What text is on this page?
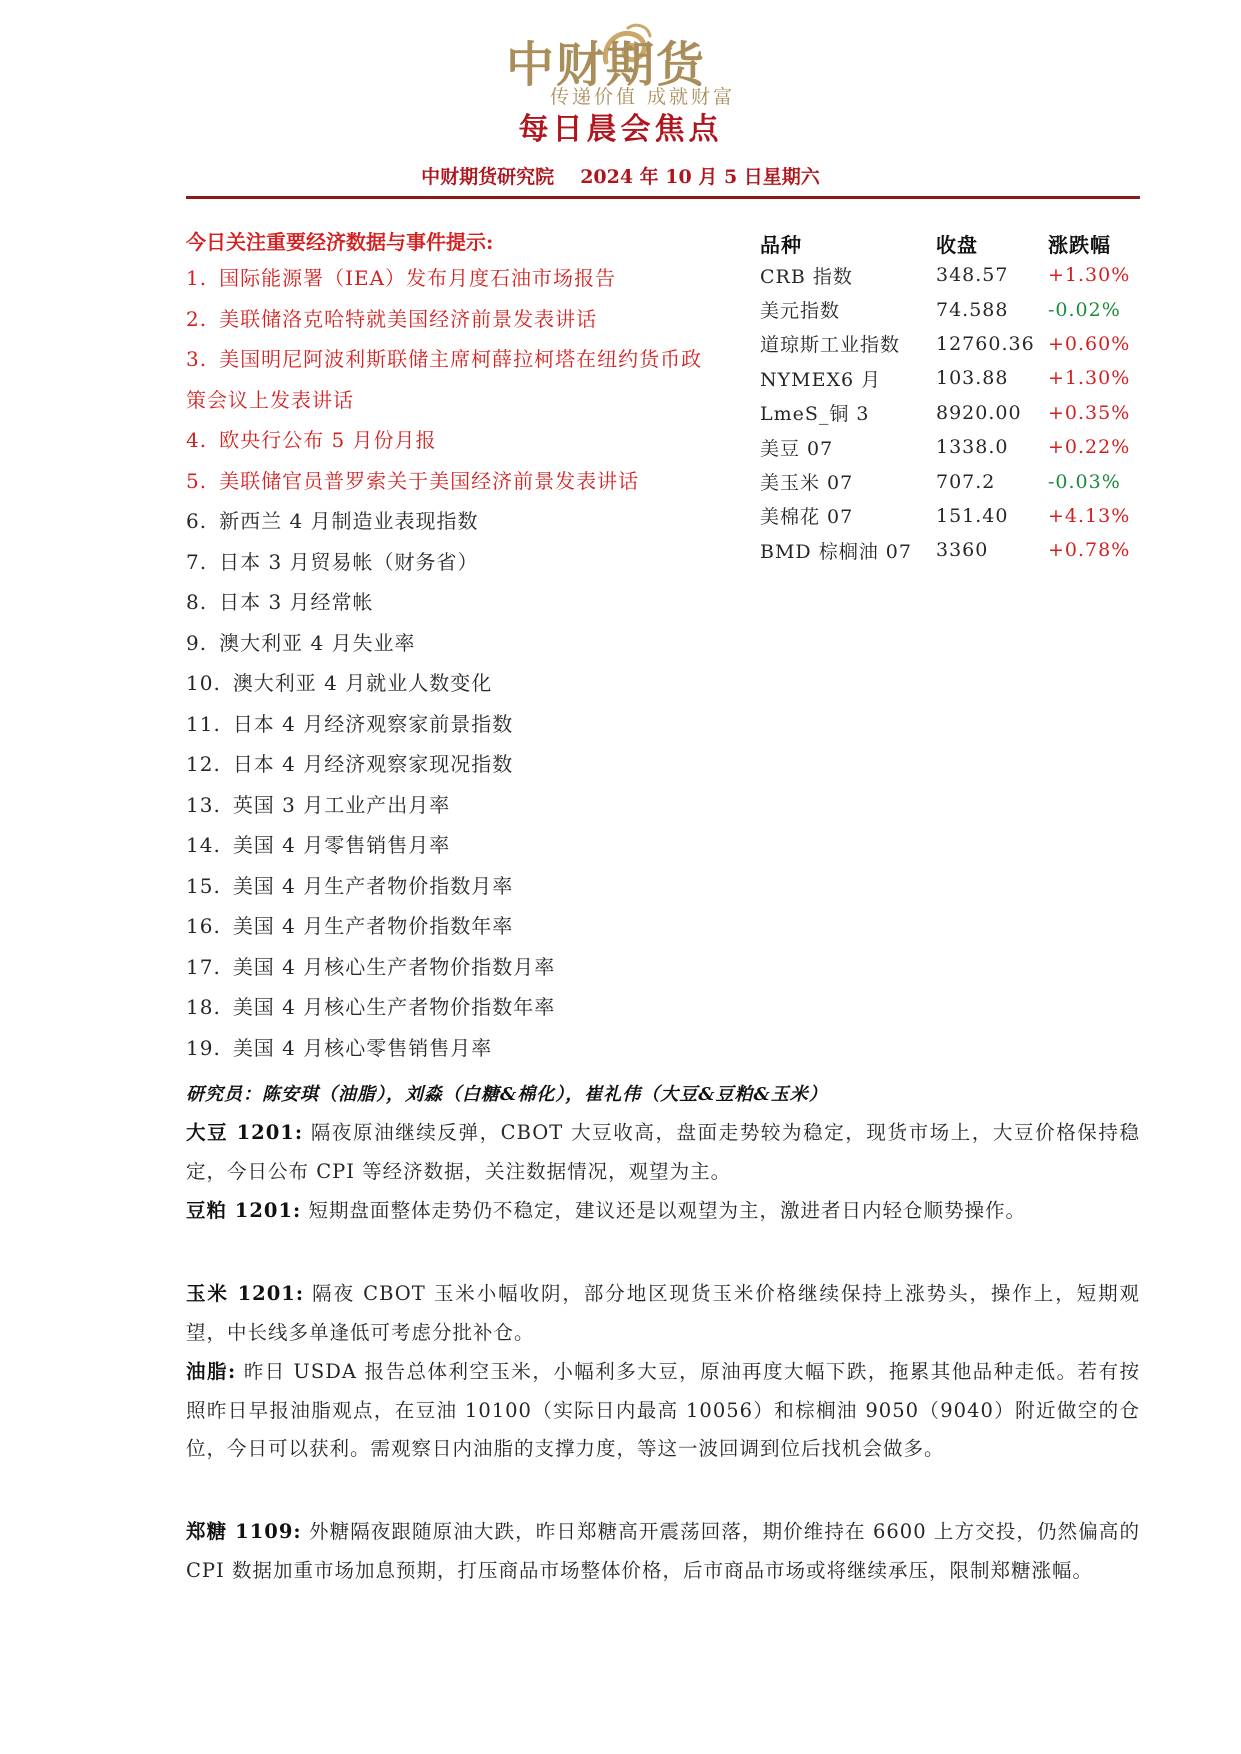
中财期货
传递价值 成就财富
每日晨会焦点
中财期货研究院 2024 年 10 月 5 日星期六
今日关注重要经济数据与事件提示:
1. 国际能源署（IEA）发布月度石油市场报告
2. 美联储洛克哈特就美国经济前景发表讲话
3. 美国明尼阿波利斯联储主席柯薛拉柯塔在纽约货币政
策会议上发表讲话
4. 欧央行公布 5 月份月报
5. 美联储官员普罗索关于美国经济前景发表讲话
6. 新西兰 4 月制造业表现指数
7. 日本 3 月贸易帐（财务省）
8. 日本 3 月经常帐
9. 澳大利亚 4 月失业率
10. 澳大利亚 4 月就业人数变化
11. 日本 4 月经济观察家前景指数
12. 日本 4 月经济观察家现况指数
13. 英国 3 月工业产出月率
14. 美国 4 月零售销售月率
15. 美国 4 月生产者物价指数月率
16. 美国 4 月生产者物价指数年率
17. 美国 4 月核心生产者物价指数月率
18. 美国 4 月核心生产者物价指数年率
19. 美国 4 月核心零售销售月率
品种	收盘	涨跌幅
CRB 指数	348.57	+1.30%
美元指数	74.588	-0.02%
道琼斯工业指数	12760.36	+0.60%
NYMEX6 月	103.88	+1.30%
LmeS_铜 3	8920.00	+0.35%
美豆 07	1338.0	+0.22%
美玉米 07	707.2	-0.03%
美棉花 07	151.40	+4.13%
BMD 棕榈油 07	3360	+0.78%
研究员：陈安琪（油脂），刘淼（白糖&棉化），崔礼伟（大豆&豆粕&玉米）

大豆 1201: 隔夜原油继续反弹，CBOT 大豆收高，盘面走势较为稳定，现货市场上，大豆价格保持稳定，今日公布 CPI 等经济数据，关注数据情况，观望为主。

豆粕 1201: 短期盘面整体走势仍不稳定，建议还是以观望为主，激进者日内轻仓顺势操作。

玉米 1201: 隔夜 CBOT 玉米小幅收阴，部分地区现货玉米价格继续保持上涨势头，操作上，短期观望，中长线多单逢低可考虑分批补仓。

油脂: 昨日 USDA 报告总体利空玉米，小幅利多大豆，原油再度大幅下跌，拖累其他品种走低。若有按照昨日早报油脂观点，在豆油 10100（实际日内最高 10056）和棕榈油 9050（9040）附近做空的仓位，今日可以获利。需观察日内油脂的支撑力度，等这一波回调到位后找机会做多。

郑糖 1109: 外糖隔夜跟随原油大跌，昨日郑糖高开震荡回落，期价维持在 6600 上方交投，仍然偏高的 CPI 数据加重市场加息预期，打压商品市场整体价格，后市商品市场或将继续承压，限制郑糖涨幅。
